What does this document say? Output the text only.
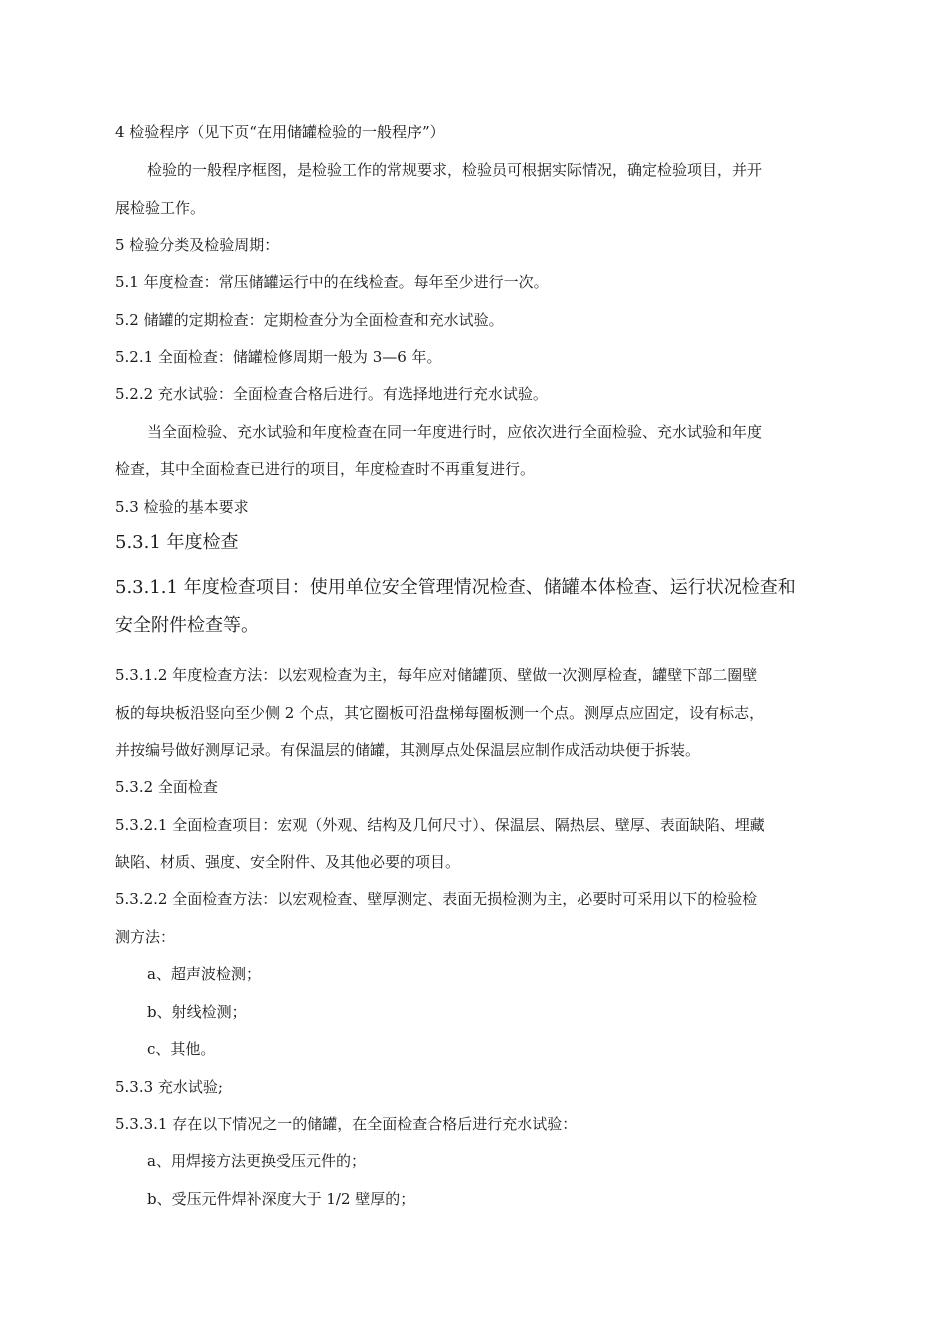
4 检验程序（见下页“在用储罐检验的一般程序”）
检验的一般程序框图，是检验工作的常规要求，检验员可根据实际情况，确定检验项目，并开
展检验工作。
5 检验分类及检验周期：
5.1 年度检查：常压储罐运行中的在线检查。每年至少进行一次。
5.2 储罐的定期检查：定期检查分为全面检查和充水试验。
5.2.1 全面检查：储罐检修周期一般为 3—6 年。
5.2.2 充水试验：全面检查合格后进行。有选择地进行充水试验。
当全面检验、充水试验和年度检查在同一年度进行时，应依次进行全面检验、充水试验和年度
检查，其中全面检查已进行的项目，年度检查时不再重复进行。
5.3 检验的基本要求
5.3.1 年度检查
5.3.1.1 年度检查项目：使用单位安全管理情况检查、储罐本体检查、运行状况检查和
安全附件检查等。
5.3.1.2 年度检查方法：以宏观检查为主，每年应对储罐顶、壁做一次测厚检查，罐壁下部二圈壁
板的每块板沿竖向至少侧 2 个点，其它圈板可沿盘梯每圈板测一个点。测厚点应固定，设有标志，
并按编号做好测厚记录。有保温层的储罐，其测厚点处保温层应制作成活动块便于拆装。
5.3.2 全面检查
5.3.2.1 全面检查项目：宏观（外观、结构及几何尺寸）、保温层、隔热层、壁厚、表面缺陷、埋藏
缺陷、材质、强度、安全附件、及其他必要的项目。
5.3.2.2 全面检查方法：以宏观检查、壁厚测定、表面无损检测为主，必要时可采用以下的检验检
测方法：
a、超声波检测；
b、射线检测；
c、其他。
5.3.3 充水试验;
5.3.3.1 存在以下情况之一的储罐，在全面检查合格后进行充水试验：
a、用焊接方法更换受压元件的；
b、受压元件焊补深度大于 1/2 壁厚的；
